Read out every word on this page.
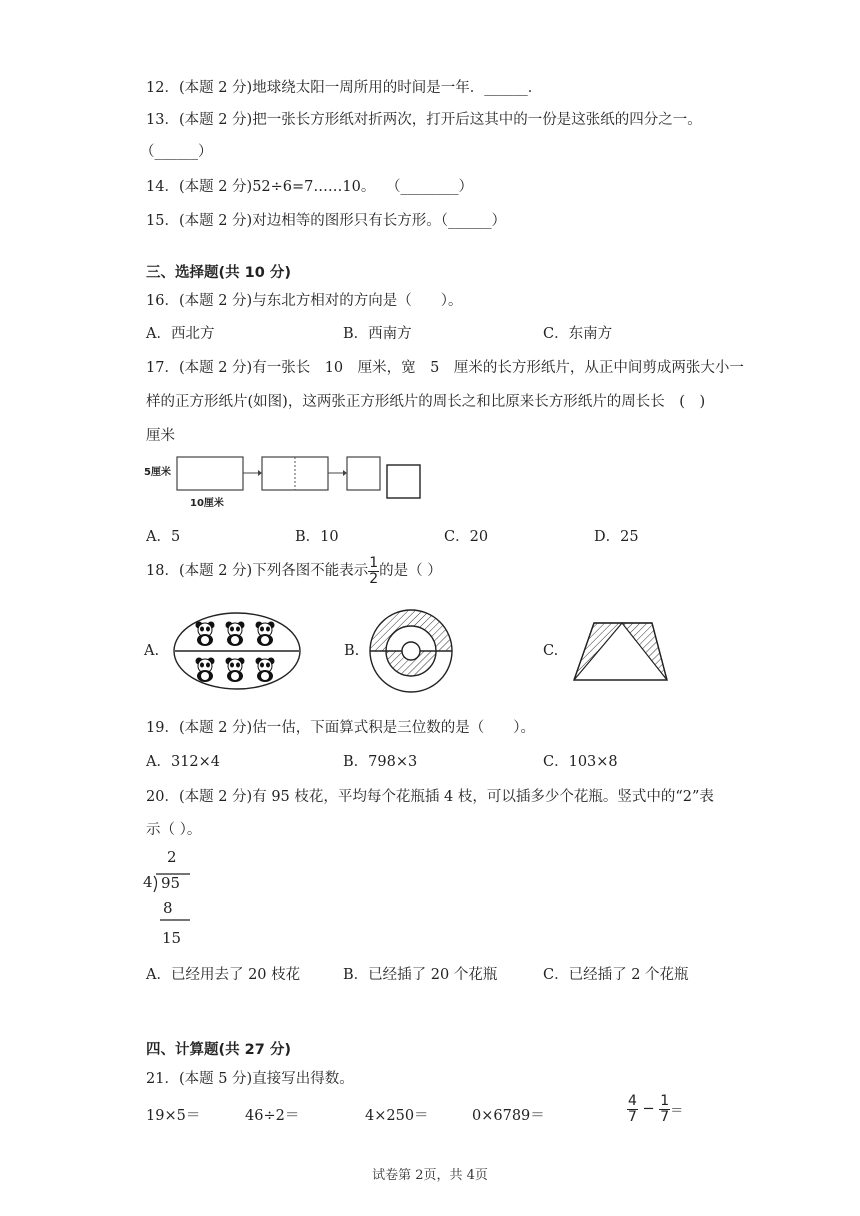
12．(本题 2 分)地球绕太阳一周所用的时间是一年．______．
13．(本题 2 分)把一张长方形纸对折两次，打开后这其中的一份是这张纸的四分之一。
（______）
14．(本题 2 分)52÷6=7……10。 （________）
15．(本题 2 分)对边相等的图形只有长方形。（______）
三、选择题(共 10 分)
16．(本题 2 分)与东北方相对的方向是（　　）。
A．西北方	B．西南方	C．东南方
17．(本题 2 分)有一张长　10　厘米，宽　5　厘米的长方形纸片，从正中间剪成两张大小一
样的正方形纸片(如图)，这两张正方形纸片的周长之和比原来长方形纸片的周长长　(　)
厘米
5厘米
10厘米
A．5	B．10	C．20	D．25
18．(本题 2 分)下列各图不能表示 $\frac{1}{2}$ 的是（ ）
A.	B.	C.
19．(本题 2 分)估一估，下面算式积是三位数的是（　　）。
A．312×4	B．798×3	C．103×8
20．(本题 2 分)有 95 枝花，平均每个花瓶插 4 枝，可以插多少个花瓶。竖式中的“2”表
示（ ）。
2
4 95
8
15
A．已经用去了 20 枝花	B．已经插了 20 个花瓶	C．已经插了 2 个花瓶
四、计算题(共 27 分)
21．(本题 5 分)直接写出得数。
19×5＝	46÷2＝	4×250＝	0×6789＝	$\frac{4}{7} - \frac{1}{7}$ ＝
试卷第 2页，共 4页
